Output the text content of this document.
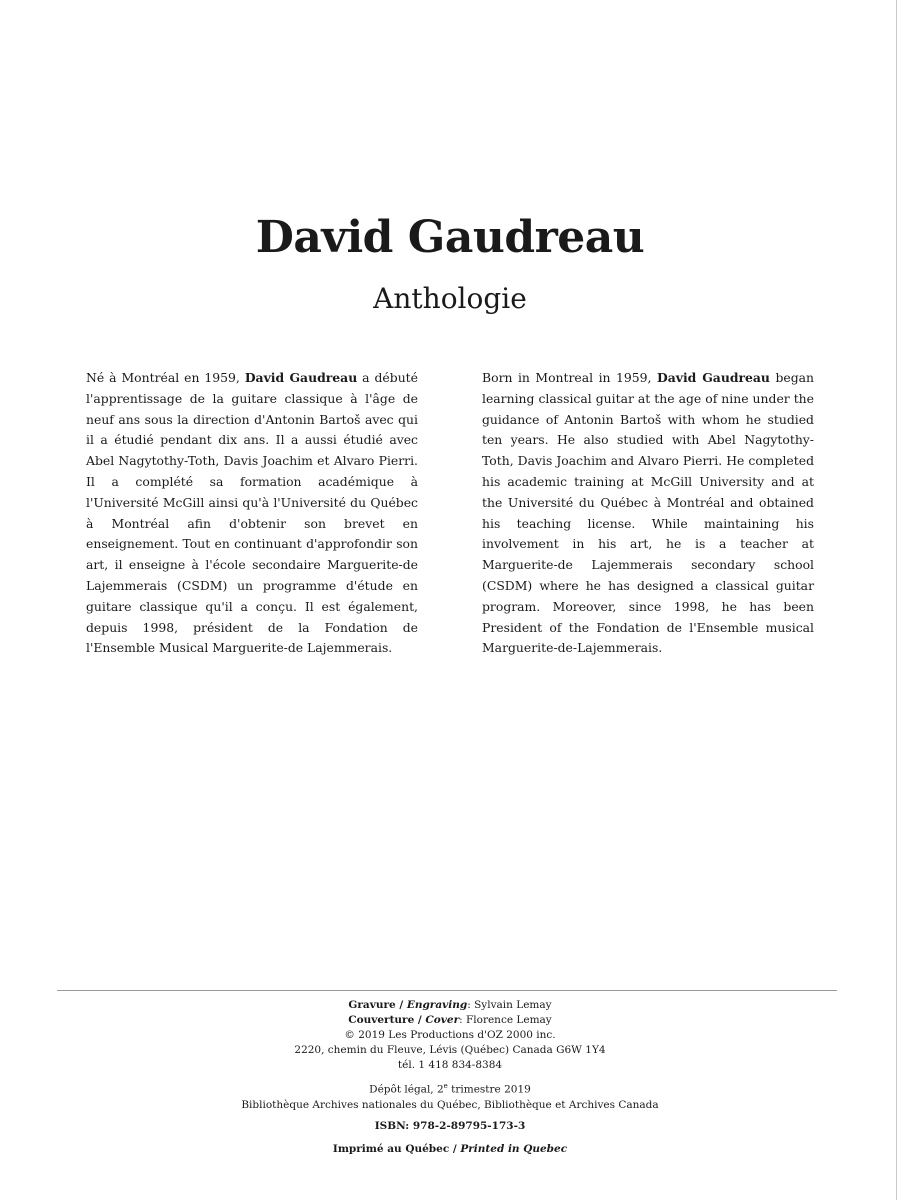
David Gaudreau
Anthologie

Né à Montréal en 1959, David Gaudreau a débuté l'apprentissage de la guitare classique à l'âge de neuf ans sous la direction d'Antonin Bartoš avec qui il a étudié pendant dix ans. Il a aussi étudié avec Abel Nagytothy-Toth, Davis Joachim et Alvaro Pierri. Il a complété sa formation académique à l'Université McGill ainsi qu'à l'Université du Québec à Montréal afin d'obtenir son brevet en enseignement. Tout en continuant d'approfondir son art, il enseigne à l'école secondaire Marguerite-de Lajemmerais (CSDM) un programme d'étude en guitare classique qu'il a conçu. Il est également, depuis 1998, président de la Fondation de l'Ensemble Musical Marguerite-de Lajemmerais.

Born in Montreal in 1959, David Gaudreau began learning classical guitar at the age of nine under the guidance of Antonin Bartoš with whom he studied ten years. He also studied with Abel Nagytothy-Toth, Davis Joachim and Alvaro Pierri. He completed his academic training at McGill University and at the Université du Québec à Montréal and obtained his teaching license. While maintaining his involvement in his art, he is a teacher at Marguerite-de Lajemmerais secondary school (CSDM) where he has designed a classical guitar program. Moreover, since 1998, he has been President of the Fondation de l'Ensemble musical Marguerite-de-Lajemmerais.

Gravure / Engraving: Sylvain Lemay
Couverture / Cover: Florence Lemay
© 2019 Les Productions d'OZ 2000 inc.
2220, chemin du Fleuve, Lévis (Québec) Canada G6W 1Y4
tél. 1 418 834-8384
Dépôt légal, 2e trimestre 2019
Bibliothèque Archives nationales du Québec, Bibliothèque et Archives Canada
ISBN: 978-2-89795-173-3
Imprimé au Québec / Printed in Quebec
